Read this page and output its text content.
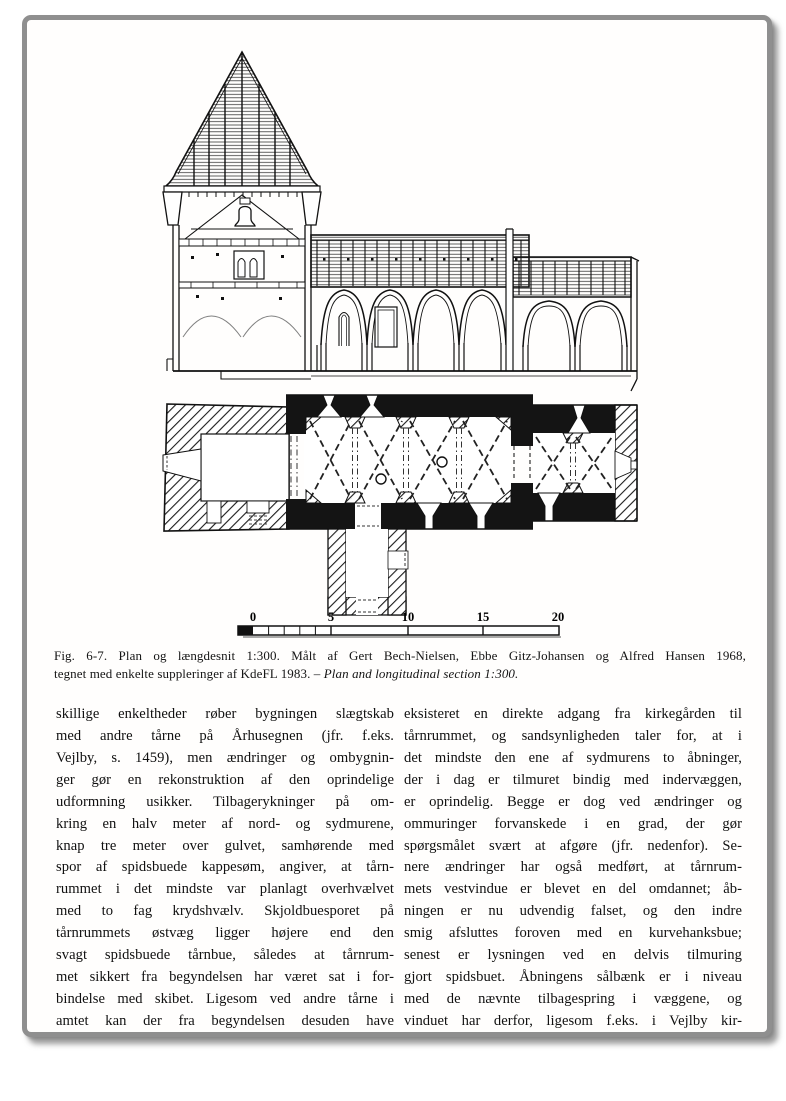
0	5	10	15	20
Fig. 6-7. Plan og længdesnit 1:300. Målt af Gert Bech-Nielsen, Ebbe Gitz-Johansen og Alfred Hansen 1968,
tegnet med enkelte suppleringer af KdeFL 1983. – Plan and longitudinal section 1:300.
skillige enkeltheder røber bygningen slægtskab
med andre tårne på Århusegnen (jfr. f.eks.
Vejlby, s. 1459), men ændringer og ombygnin-
ger gør en rekonstruktion af den oprindelige
udformning usikker. Tilbagerykninger på om-
kring en halv meter af nord- og sydmurene,
knap tre meter over gulvet, samhørende med
spor af spidsbuede kappesøm, angiver, at tårn-
rummet i det mindste var planlagt overhvælvet
med to fag krydshvælv. Skjoldbuesporet på
tårnrummets østvæg ligger højere end den
svagt spidsbuede tårnbue, således at tårnrum-
met sikkert fra begyndelsen har været sat i for-
bindelse med skibet. Ligesom ved andre tårne i
amtet kan der fra begyndelsen desuden have
eksisteret en direkte adgang fra kirkegården til
tårnrummet, og sandsynligheden taler for, at i
det mindste den ene af sydmurens to åbninger,
der i dag er tilmuret bindig med indervæggen,
er oprindelig. Begge er dog ved ændringer og
ommuringer forvanskede i en grad, der gør
spørgsmålet svært at afgøre (jfr. nedenfor). Se-
nere ændringer har også medført, at tårnrum-
mets vestvindue er blevet en del omdannet; åb-
ningen er nu udvendig falset, og den indre
smig afsluttes foroven med en kurvehanksbue;
senest er lysningen ved en delvis tilmuring
gjort spidsbuet. Åbningens sålbænk er i niveau
med de nævnte tilbagespring i væggene, og
vinduet har derfor, ligesom f.eks. i Vejlby kir-
